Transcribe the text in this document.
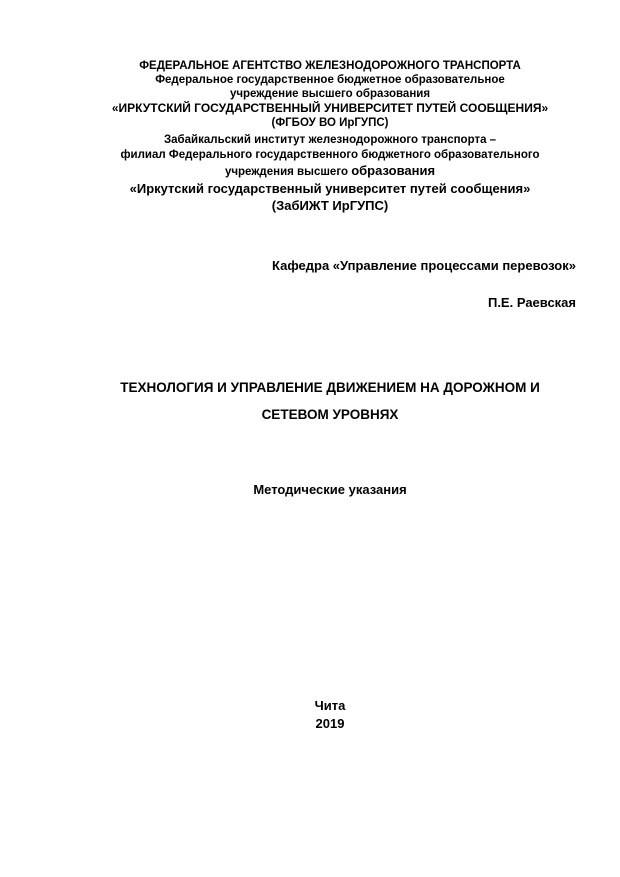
ФЕДЕРАЛЬНОЕ АГЕНТСТВО ЖЕЛЕЗНОДОРОЖНОГО ТРАНСПОРТА
Федеральное государственное бюджетное образовательное
учреждение высшего образования
«ИРКУТСКИЙ ГОСУДАРСТВЕННЫЙ УНИВЕРСИТЕТ ПУТЕЙ СООБЩЕНИЯ»
(ФГБОУ ВО ИрГУПС)
Забайкальский институт железнодорожного транспорта –
филиал Федерального государственного бюджетного образовательного
учреждения высшего образования
«Иркутский государственный университет путей сообщения»
(ЗабИЖТ ИрГУПС)
Кафедра «Управление процессами перевозок»
П.Е. Раевская
ТЕХНОЛОГИЯ И УПРАВЛЕНИЕ ДВИЖЕНИЕМ НА ДОРОЖНОМ И
СЕТЕВОМ УРОВНЯХ
Методические указания
Чита
2019
